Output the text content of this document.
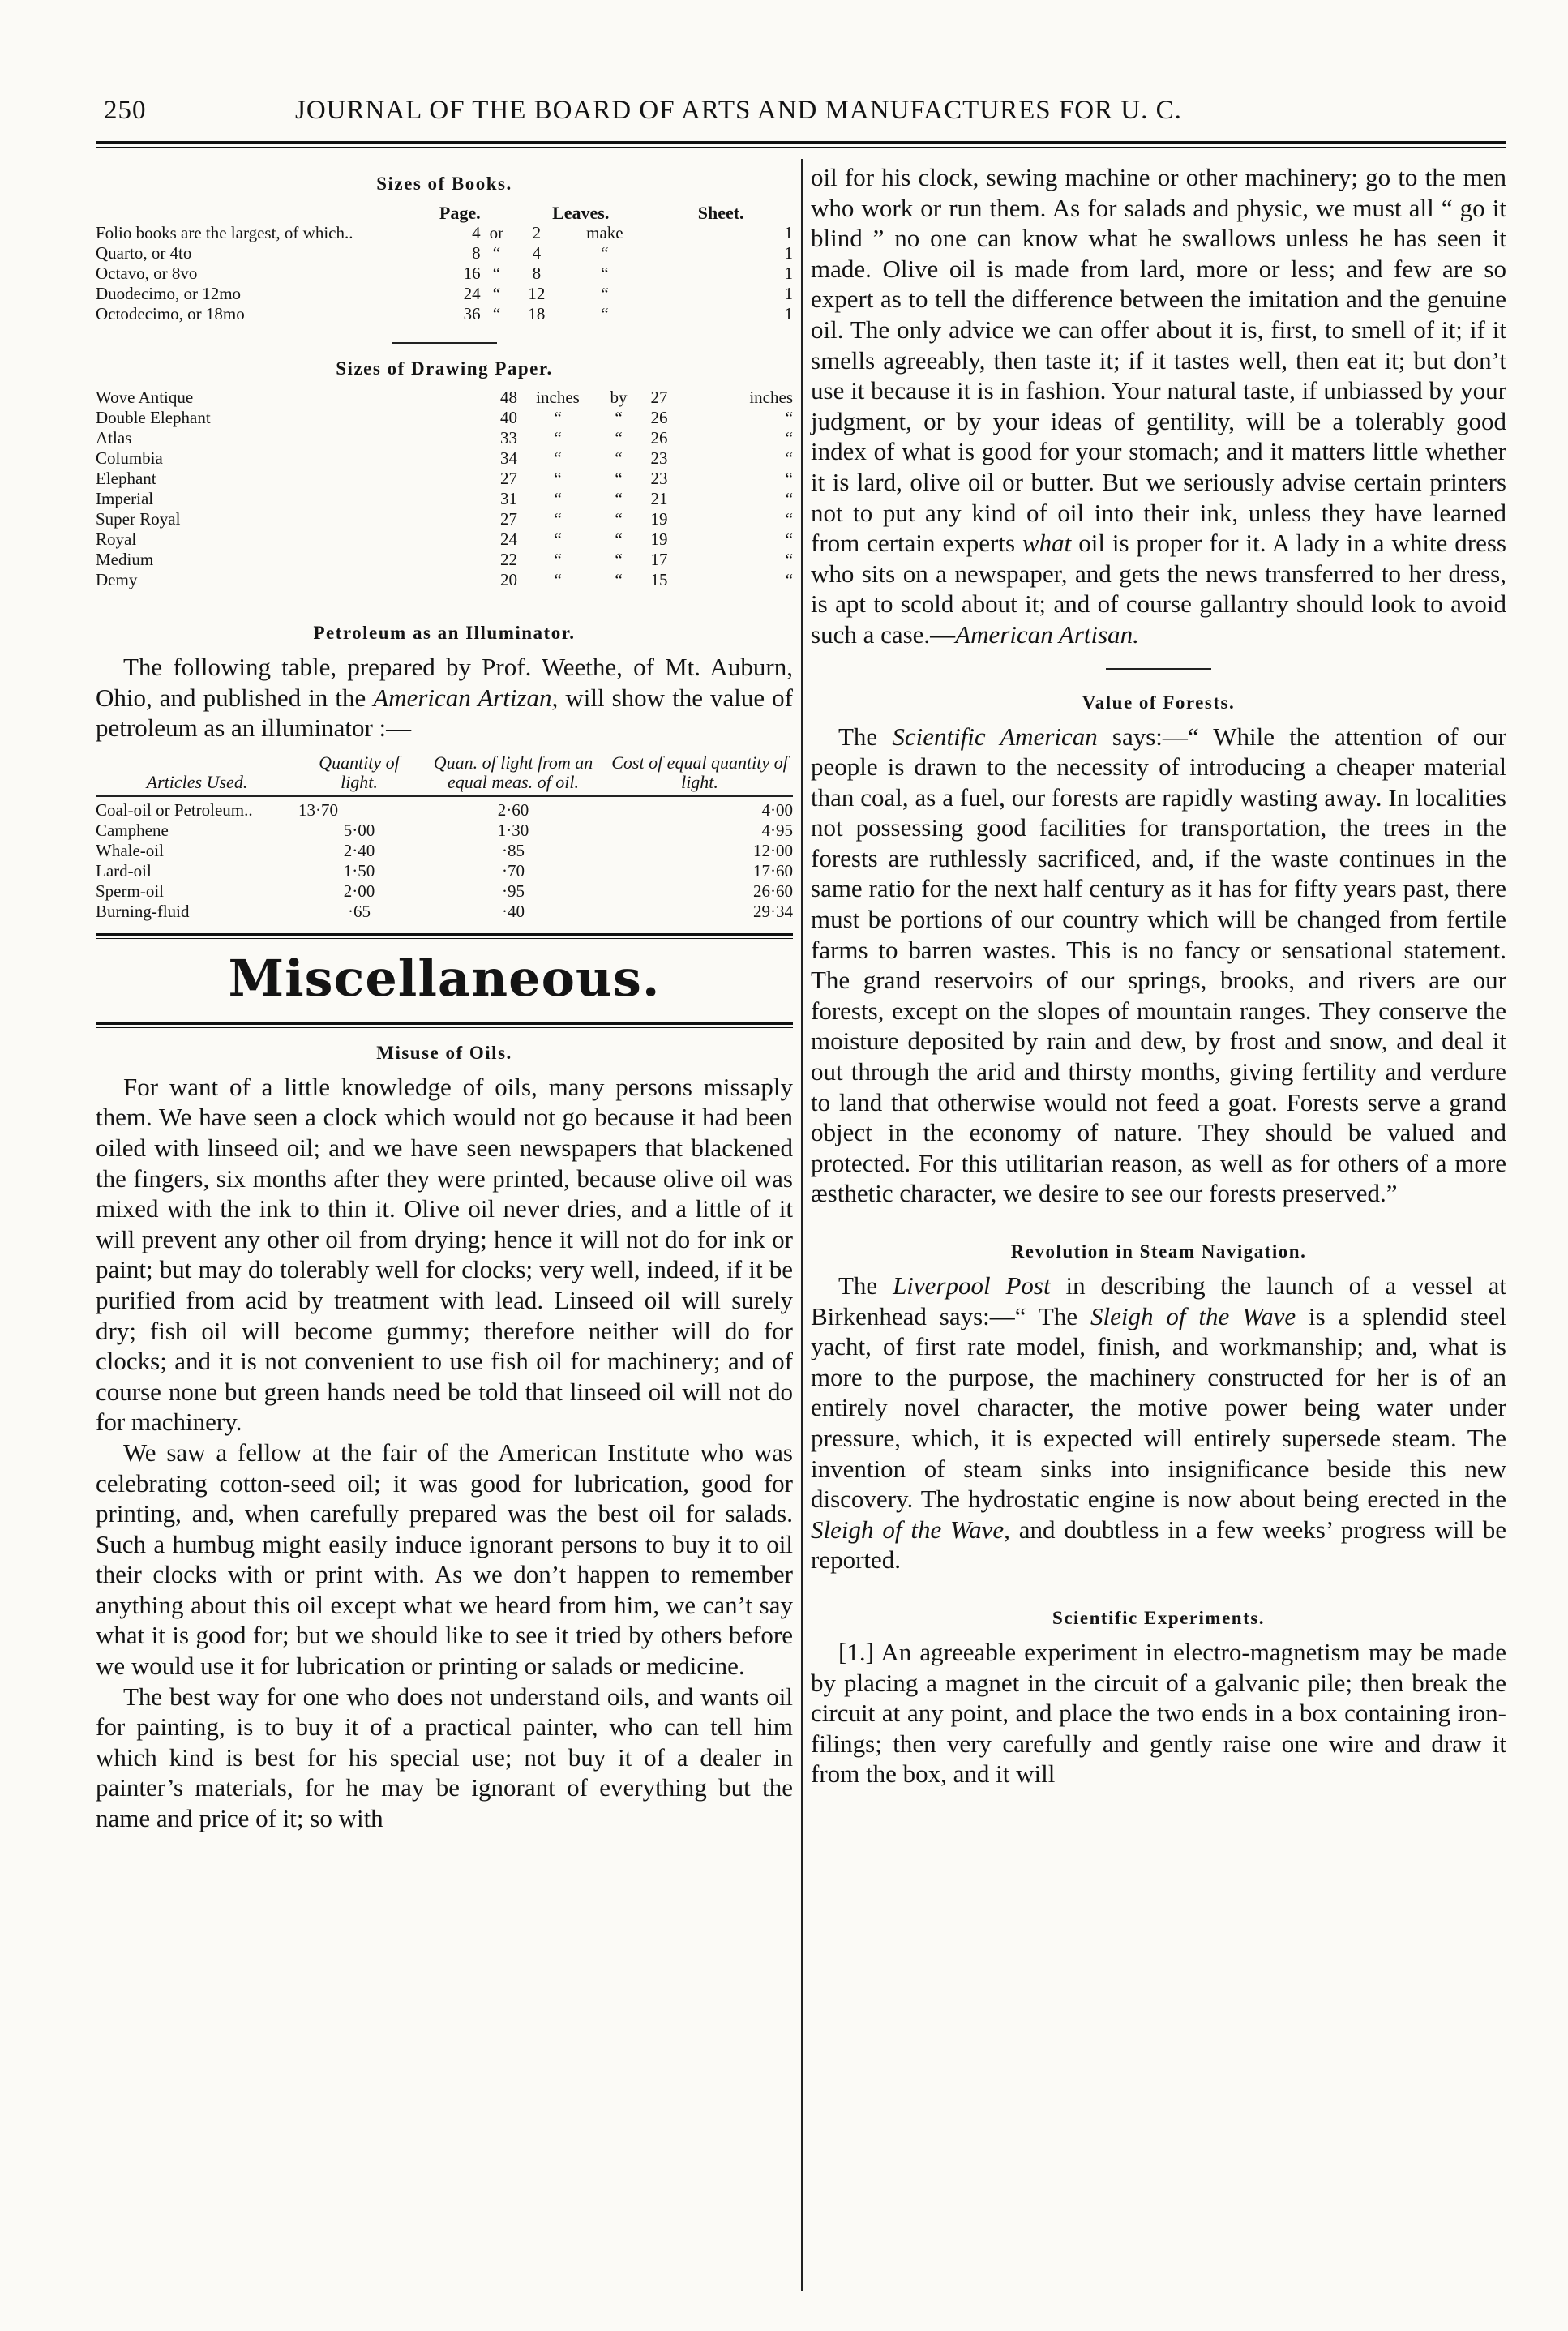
250	JOURNAL OF THE BOARD OF ARTS AND MANUFACTURES FOR U. C.
Sizes of Books.
	Page.		Leaves.		Sheet.
Folio books are the largest, of which..	4	or	2	make	1
Quarto, or 4to	8	“	4	“	1
Octavo, or 8vo	16	“	8	“	1
Duodecimo, or 12mo	24	“	12	“	1
Octodecimo, or 18mo	36	“	18	“	1
Sizes of Drawing Paper.
Wove Antique	48	inches	by	27	inches
Double Elephant	40	“	“	26	“
Atlas	33	“	“	26	“
Columbia	34	“	“	23	“
Elephant	27	“	“	23	“
Imperial	31	“	“	21	“
Super Royal	27	“	“	19	“
Royal	24	“	“	19	“
Medium	22	“	“	17	“
Demy	20	“	“	15	“
Petroleum as an Illuminator.

The following table, prepared by Prof. Weethe, of Mt. Auburn, Ohio, and published in the American Artizan, will show the value of petroleum as an illuminator :—

Articles Used.	Quantity of light.	Quan. of light from an equal meas. of oil.	Cost of equal quantity of light.

Coal-oil or Petroleum..	13·70	2·60	4·00
Camphene	5·00	1·30	4·95
Whale-oil	2·40	·85	12·00
Lard-oil	1·50	·70	17·60
Sperm-oil	2·00	·95	26·60
Burning-fluid	·65	·40	29·34
Miscellaneous.
Misuse of Oils.

For want of a little knowledge of oils, many persons missaply them. We have seen a clock which would not go because it had been oiled with linseed oil; and we have seen newspapers that blackened the fingers, six months after they were printed, because olive oil was mixed with the ink to thin it. Olive oil never dries, and a little of it will prevent any other oil from drying; hence it will not do for ink or paint; but may do tolerably well for clocks; very well, indeed, if it be purified from acid by treatment with lead. Linseed oil will surely dry; fish oil will become gummy; therefore neither will do for clocks; and it is not convenient to use fish oil for machinery; and of course none but green hands need be told that linseed oil will not do for machinery.

We saw a fellow at the fair of the American Institute who was celebrating cotton-seed oil; it was good for lubrication, good for printing, and, when carefully prepared was the best oil for salads. Such a humbug might easily induce ignorant persons to buy it to oil their clocks with or print with. As we don’t happen to remember anything about this oil except what we heard from him, we can’t say what it is good for; but we should like to see it tried by others before we would use it for lubrication or printing or salads or medicine.

The best way for one who does not understand oils, and wants oil for painting, is to buy it of a practical painter, who can tell him which kind is best for his special use; not buy it of a dealer in painter’s materials, for he may be ignorant of everything but the name and price of it; so with

oil for his clock, sewing machine or other machinery; go to the men who work or run them. As for salads and physic, we must all “ go it blind ” no one can know what he swallows unless he has seen it made. Olive oil is made from lard, more or less; and few are so expert as to tell the difference between the imitation and the genuine oil. The only advice we can offer about it is, first, to smell of it; if it smells agreeably, then taste it; if it tastes well, then eat it; but don’t use it because it is in fashion. Your natural taste, if unbiassed by your judgment, or by your ideas of gentility, will be a tolerably good index of what is good for your stomach; and it matters little whether it is lard, olive oil or butter. But we seriously advise certain printers not to put any kind of oil into their ink, unless they have learned from certain experts what oil is proper for it. A lady in a white dress who sits on a newspaper, and gets the news transferred to her dress, is apt to scold about it; and of course gallantry should look to avoid such a case.—American Artisan.

Value of Forests.

The Scientific American says:—“ While the attention of our people is drawn to the necessity of introducing a cheaper material than coal, as a fuel, our forests are rapidly wasting away. In localities not possessing good facilities for transportation, the trees in the forests are ruthlessly sacrificed, and, if the waste continues in the same ratio for the next half century as it has for fifty years past, there must be portions of our country which will be changed from fertile farms to barren wastes. This is no fancy or sensational statement. The grand reservoirs of our springs, brooks, and rivers are our forests, except on the slopes of mountain ranges. They conserve the moisture deposited by rain and dew, by frost and snow, and deal it out through the arid and thirsty months, giving fertility and verdure to land that otherwise would not feed a goat. Forests serve a grand object in the economy of nature. They should be valued and protected. For this utilitarian reason, as well as for others of a more æsthetic character, we desire to see our forests preserved.”

Revolution in Steam Navigation.

The Liverpool Post in describing the launch of a vessel at Birkenhead says:—“ The Sleigh of the Wave is a splendid steel yacht, of first rate model, finish, and workmanship; and, what is more to the purpose, the machinery constructed for her is of an entirely novel character, the motive power being water under pressure, which, it is expected will entirely supersede steam. The invention of steam sinks into insignificance beside this new discovery. The hydrostatic engine is now about being erected in the Sleigh of the Wave, and doubtless in a few weeks’ progress will be reported.

Scientific Experiments.

[1.] An agreeable experiment in electro-magnetism may be made by placing a magnet in the circuit of a galvanic pile; then break the circuit at any point, and place the two ends in a box containing iron-filings; then very carefully and gently raise one wire and draw it from the box, and it will
